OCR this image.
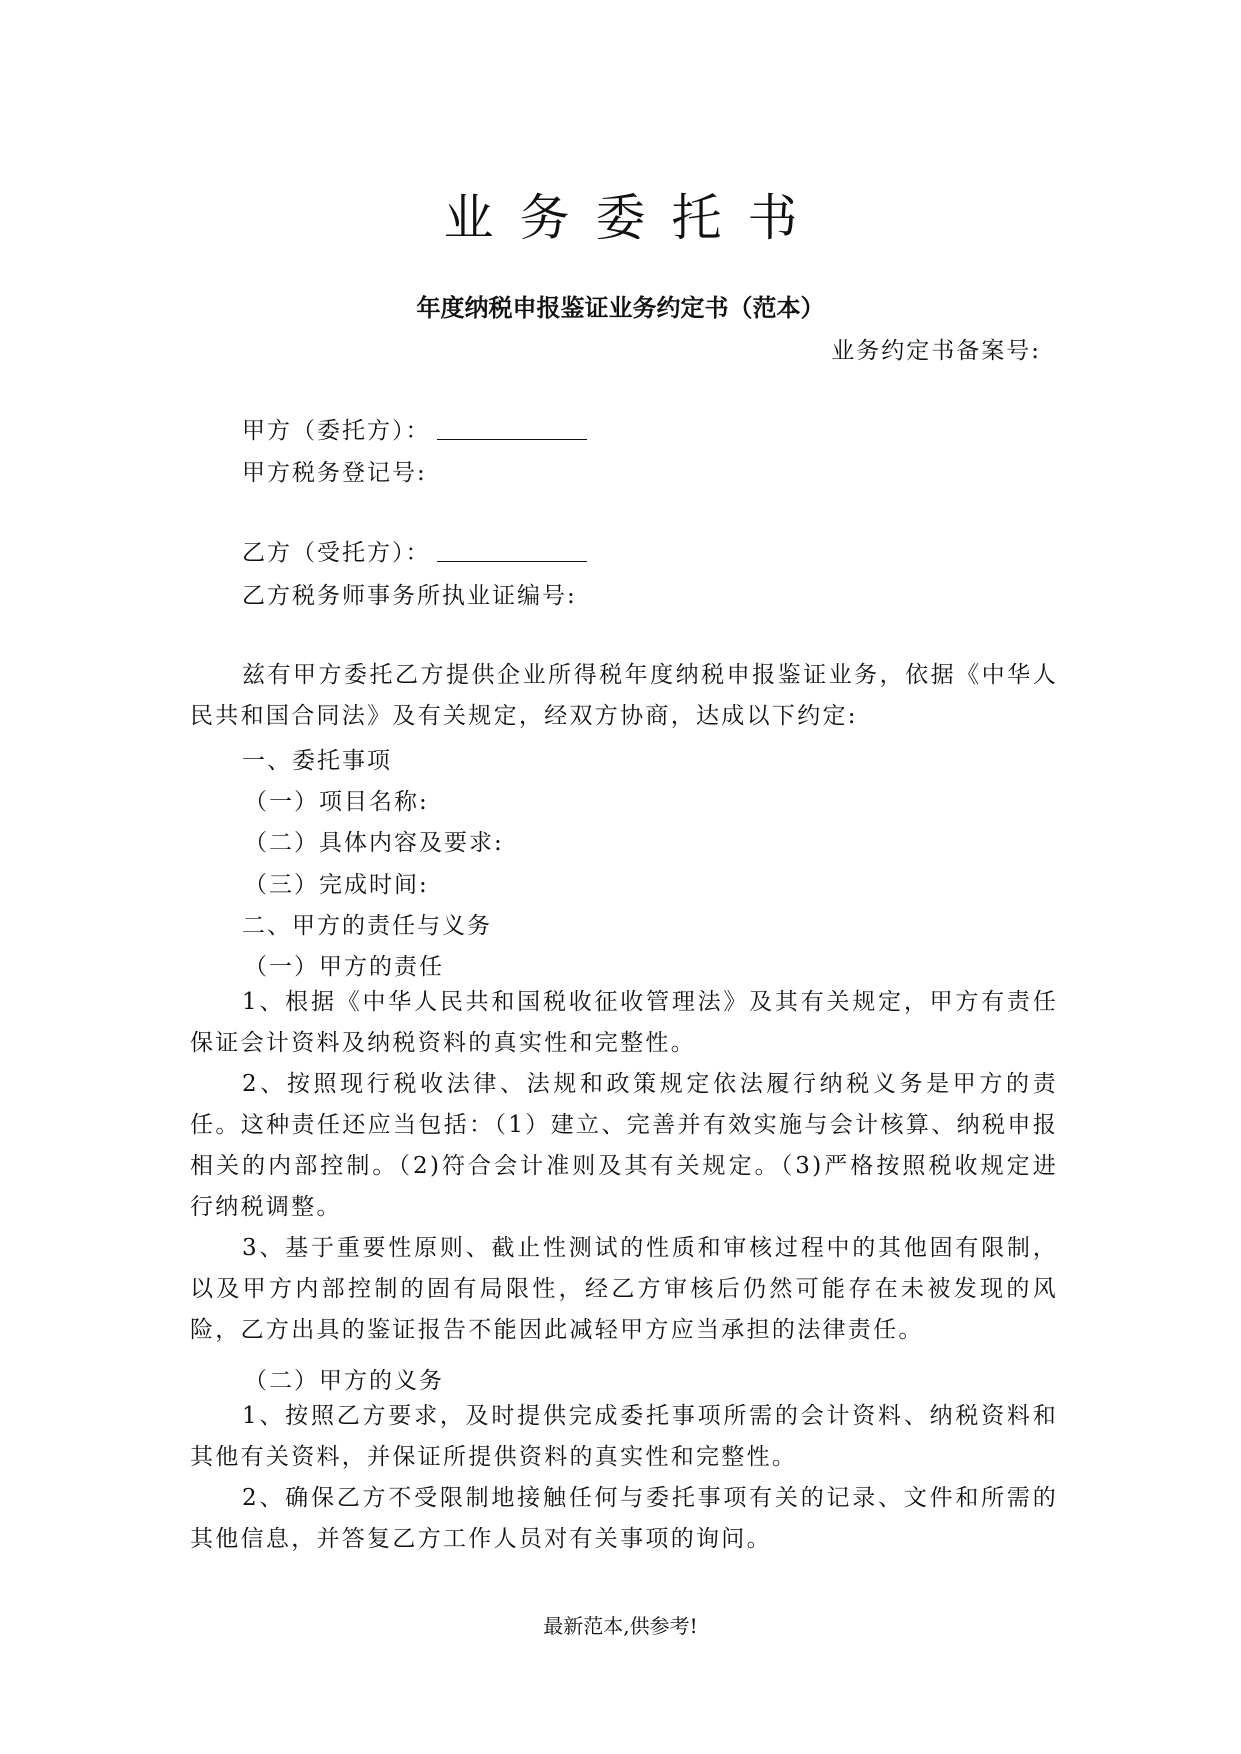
业务委托书
年度纳税申报鉴证业务约定书（范本）
业务约定书备案号:
甲方（委托方）：
甲方税务登记号:
乙方（受托方）：
乙方税务师事务所执业证编号:
兹有甲方委托乙方提供企业所得税年度纳税申报鉴证业务，依据《中华人民共和国合同法》及有关规定，经双方协商，达成以下约定:
一、委托事项
（一）项目名称:
（二）具体内容及要求:
（三）完成时间:
二、甲方的责任与义务
（一）甲方的责任
1、根据《中华人民共和国税收征收管理法》及其有关规定，甲方有责任保证会计资料及纳税资料的真实性和完整性。
2、按照现行税收法律、法规和政策规定依法履行纳税义务是甲方的责任。这种责任还应当包括：（1）建立、完善并有效实施与会计核算、纳税申报相关的内部控制。（2)符合会计准则及其有关规定。（3)严格按照税收规定进行纳税调整。
3、基于重要性原则、截止性测试的性质和审核过程中的其他固有限制，以及甲方内部控制的固有局限性，经乙方审核后仍然可能存在未被发现的风险，乙方出具的鉴证报告不能因此减轻甲方应当承担的法律责任。
（二）甲方的义务
1、按照乙方要求，及时提供完成委托事项所需的会计资料、纳税资料和其他有关资料，并保证所提供资料的真实性和完整性。
2、确保乙方不受限制地接触任何与委托事项有关的记录、文件和所需的其他信息，并答复乙方工作人员对有关事项的询问。
最新范本,供参考!
